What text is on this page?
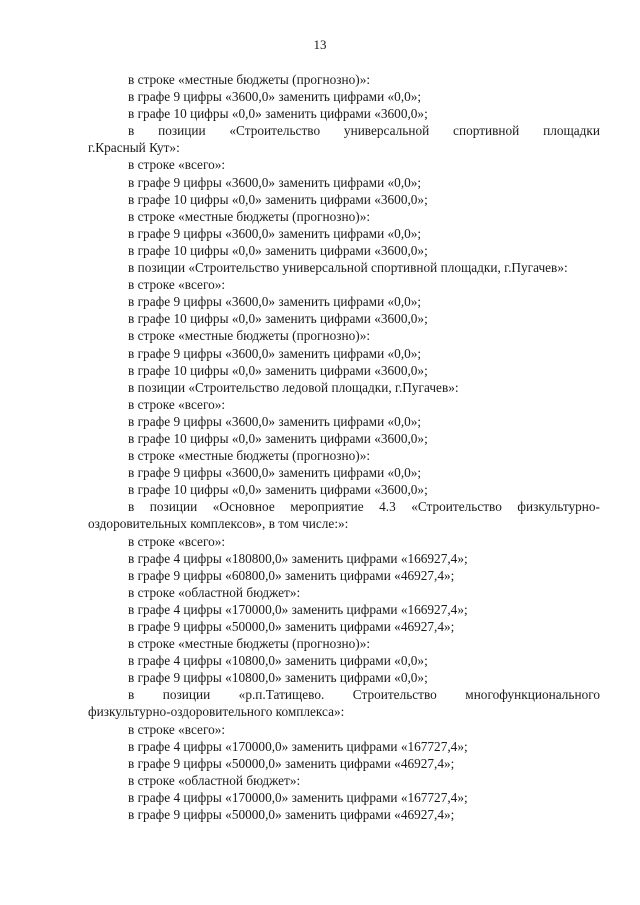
13
в строке «местные бюджеты (прогнозно)»:
в графе 9 цифры «3600,0» заменить цифрами «0,0»;
в графе 10 цифры «0,0» заменить цифрами «3600,0»;
в позиции «Строительство универсальной спортивной площадки
г.Красный Кут»:
в строке «всего»:
в графе 9 цифры «3600,0» заменить цифрами «0,0»;
в графе 10 цифры «0,0» заменить цифрами «3600,0»;
в строке «местные бюджеты (прогнозно)»:
в графе 9 цифры «3600,0» заменить цифрами «0,0»;
в графе 10 цифры «0,0» заменить цифрами «3600,0»;
в позиции «Строительство универсальной спортивной площадки, г.Пугачев»:
в строке «всего»:
в графе 9 цифры «3600,0» заменить цифрами «0,0»;
в графе 10 цифры «0,0» заменить цифрами «3600,0»;
в строке «местные бюджеты (прогнозно)»:
в графе 9 цифры «3600,0» заменить цифрами «0,0»;
в графе 10 цифры «0,0» заменить цифрами «3600,0»;
в позиции «Строительство ледовой площадки, г.Пугачев»:
в строке «всего»:
в графе 9 цифры «3600,0» заменить цифрами «0,0»;
в графе 10 цифры «0,0» заменить цифрами «3600,0»;
в строке «местные бюджеты (прогнозно)»:
в графе 9 цифры «3600,0» заменить цифрами «0,0»;
в графе 10 цифры «0,0» заменить цифрами «3600,0»;
в позиции «Основное мероприятие 4.3 «Строительство физкультурно-
оздоровительных комплексов», в том числе:»:
в строке «всего»:
в графе 4 цифры «180800,0» заменить цифрами «166927,4»;
в графе 9 цифры «60800,0» заменить цифрами «46927,4»;
в строке «областной бюджет»:
в графе 4 цифры «170000,0» заменить цифрами «166927,4»;
в графе 9 цифры «50000,0» заменить цифрами «46927,4»;
в строке «местные бюджеты (прогнозно)»:
в графе 4 цифры «10800,0» заменить цифрами «0,0»;
в графе 9 цифры «10800,0» заменить цифрами «0,0»;
в позиции «р.п.Татищево. Строительство многофункционального
физкультурно-оздоровительного комплекса»:
в строке «всего»:
в графе 4 цифры «170000,0» заменить цифрами «167727,4»;
в графе 9 цифры «50000,0» заменить цифрами «46927,4»;
в строке «областной бюджет»:
в графе 4 цифры «170000,0» заменить цифрами «167727,4»;
в графе 9 цифры «50000,0» заменить цифрами «46927,4»;
